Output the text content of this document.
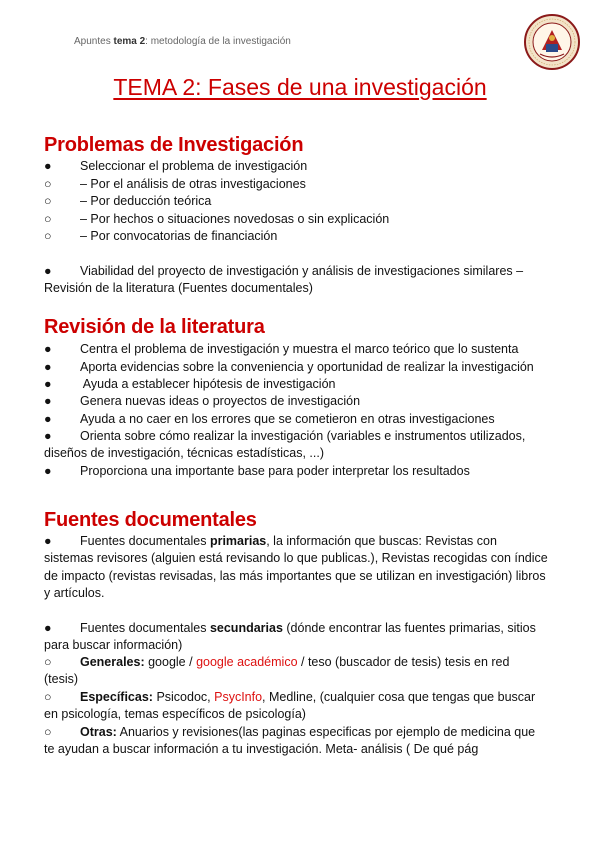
Apuntes tema 2: metodología de la investigación
TEMA 2: Fases de una investigación
Problemas de Investigación
● Seleccionar el problema de investigación
○ – Por el análisis de otras investigaciones
○ – Por deducción teórica
○ – Por hechos o situaciones novedosas o sin explicación
○ – Por convocatorias de financiación
● Viabilidad del proyecto de investigación y análisis de investigaciones similares –
Revisión de la literatura (Fuentes documentales)
Revisión de la literatura
● Centra el problema de investigación y muestra el marco teórico que lo sustenta
● Aporta evidencias sobre la conveniencia y oportunidad de realizar la investigación
● Ayuda a establecer hipótesis de investigación
● Genera nuevas ideas o proyectos de investigación
● Ayuda a no caer en los errores que se cometieron en otras investigaciones
● Orienta sobre cómo realizar la investigación (variables e instrumentos utilizados,
diseños de investigación, técnicas estadísticas, ...)
● Proporciona una importante base para poder interpretar los resultados
Fuentes documentales
● Fuentes documentales primarias, la información que buscas: Revistas con
sistemas revisores (alguien está revisando lo que publicas.), Revistas recogidas con índice
de impacto (revistas revisadas, las más importantes que se utilizan en investigación) libros
y artículos.
● Fuentes documentales secundarias (dónde encontrar las fuentes primarias, sitios
para buscar información)
○ Generales: google / google académico / teso (buscador de tesis) tesis en red
(tesis)
○ Específicas: Psicodoc, PsycInfo, Medline, (cualquier cosa que tengas que buscar
en psicología, temas específicos de psicología)
○ Otras: Anuarios y revisiones(las paginas especificas por ejemplo de medicina que
te ayudan a buscar información a tu investigación. Meta- análisis ( De qué pág
